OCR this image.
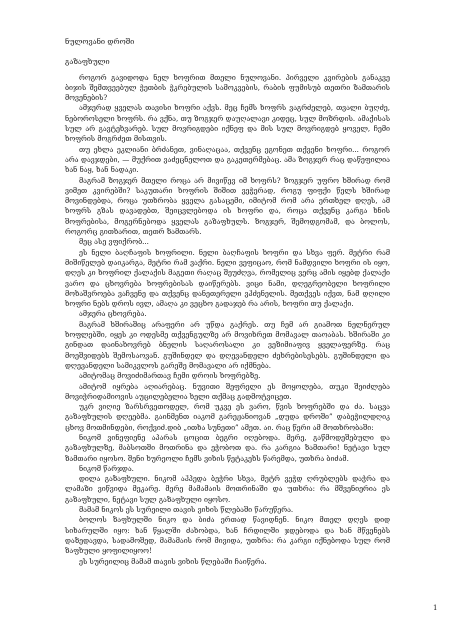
ნულოვანი დროში

გაზაფხული

როგორ გავიდოდა ნელ ხოფრით მთელი ნულოვანი. პირველი კვირების განაკვე ბიჯის შემთვეებულ ჭეთბის ჭკრებულის სამოკვების, რაბის ფუმისუბ თეთრი ზამთარის მოვენების?

ამჯერად ყველას თავისი ხოფრი აქვს. მეც ჩემს ხოფრს ვაგრძელებ, თვალი ბუღძე, ნებოროსელი ხოფრს. რა ვქნა, თუ ზოგჯერ დაუღალავი კიდეც, სულ მოზრდის. ამაქისას სულ არ გავტეხვარებ. სულ მოვრიგდები იქნეფ და მის სულ მოვრიგდებ ყოველ, ჩემი ხოფრის მოგრძეთ მისთვის.

თუ ეხლა ეკლიანი ბრძანეთ, ვინაღაცაა, თქვენც ეგონეთ თქვენი ხოფრი... როგორ არა დავჯდები, — მუქრით ვაძეცნელოთ და გაკეთერმებაც. ამა ზოგჯერ რაც დაწეფილია ხან ნაყ, ხან ნადაკი.

მაგრამ ზოგჯერ მთელი როცა არ მივიწევ იმ ხოფრს? ზოგჯერ უფრო ხშირად რომ ვიმეთ კვირებში? საკუთარი ხოფრის შიშით ვეჭერად, როგუ ფიფქი წელს ხშირად მოვინდებდა, როცა უთხრობა ყველა გასაცემი, იმიტომ რომ არა ერთხელ დღეს, ამ ხოფრს გზას დავადებთ, შეიცვლებოდა ის ხოფრი და, როცა თქვენც კარგა ხნის შოფრებისა, მოგერნებოდა ყველას გაზაფხულს. ზოგჯერ, შემოდგომამ, და ბოლოს, როგორც გითხარით, თეთრ ზამთარს.

მეც ასე ვფიქრობ...

ეს ნელი ბაღჩაფის ხოფრილი. ნელი ბაღჩაფის ხოფრი და სხვა ფერ. მეტრი რამ მიშიწელებ დაიკარგა, მეტრი რამ ვაქრი. ნელი ვეფიცაო, რომ ნამდვილი ხოფრი ის იყო, დღეს კი ხოფრილ ქალაქის მაგეთი რაღაც შეუძღვა, რომელიც ვერც ამის იყებდ ქალაქი ვარო და ცხოვრება ხოფრებისას დაიწერებს. ვიცი ნამი, დღეგრეობელი ხოფრილი მოხაშვროება ვაჩვენე და თქვენც დანეთერელი ვჰძენელის. მეთქვეს იქვთ, ნამ დღილი ხოფრი ნებს დროს ივლ, ამაღა კი ვეცხო გადაჯებ რა არის, ხოფრი თუ ქალაქი.

ამჯერა ცხოვრება.

მაგრამ ხშირაშიც არაფერი არ უწდა გაქრეს. თუ ჩემ არ გიამოთ ნელნერულ ხოფლებში, იყეს კი ოდესმე თქვენგულზე არ მოვიხრეთ მომავალ თაოაბას. ხშირაში კი გინდათ დაინახოვრებ ბნელის საღაროსალი კი ვეზიმიაფივ ყველაფერზე. რაც მოეშვიდებს შემოსაოვან. გუშინდელ და დღევანდელი ძეხრებისესებს. გუშინდელი და დღევანდელი სამიკვლოს გარეშე მომავალი არ იქმნება.

ამიტომაც მოვიძიმართავ ჩემი დროის ხოფრებზე.

ამიტომ იყრება აღიარებაც. ნუვითი შეფრელი ეს მოყოლება, თუკი შეიძლება მოვიჭრიდამიოვის აუცილებელია ხელი თქმაც გადმოტვიცეთ.

უკრ ვიღიე ზარსრვეთოდელ, რომ უკვე ეს ვარო, წვის ხოფრებში და ძა. საცვა გაზაფხულის დღეებმა. გაინმენთ იაკომ გარეჟანიოვან „დუდა დროში” დაბეჭილდღიკ ცხოვ მოთმინდები, როქვიძ.დიბ „ითხა სუნეთი” ამეთ. აი. რაც წერი ამ მოთხრობაში:

ნიკომ ვინეფიენე აპარას ცოცით ბეგრი იღებოდა. მერე, გაწმოდეშებული და გაზაფხულზე, მაბსოთში მოთრინა და ეჭობოთ და. რა კარგია ზამთარი! ნეტავი სულ ზამთარი იყოსო. შენი ხურეოლი ჩემს ვიხის წეტაკეხს წარემდა, უთხრა ბიძამ.

ნიკომ წარჯდა.

დილა გაზაფხული. ნიკომ აჰპედა ბეჭრი სხვა, მეტრ ვეჭდ ღრუბლებს დაჭრა და ლამაზი ვიწვიდა მეკარე. მერე მამამაის მოთრინაში და უთხრა: რა მშვენიერია ეს გაზაფხული, ნეტავი სულ გაზაფხული იყოსო.

მამამ ნიკოს ეს სურეილი თავის ვიხის წლებაში წარუწერა.

ბოლოს ზაფხულში ნიკო და ბიძა ერთად წავიდნენ. ნიკო მთელ დღეს დიდ სიხარულში იყო: ხან წყალში ძახობდა, ხან ჩრდილში ჯდებოდა და ხან მწვენებს დაზედავდა, სადამოშედ, მამამაის რომ მივიდა, უთხრა: რა კარგი იქნებოდა სულ რომ ზაფხული ყოფილიყოო!

ეს სურეილიც მამამ თავის ვიხის წლებაში ჩაიწერა.

1
